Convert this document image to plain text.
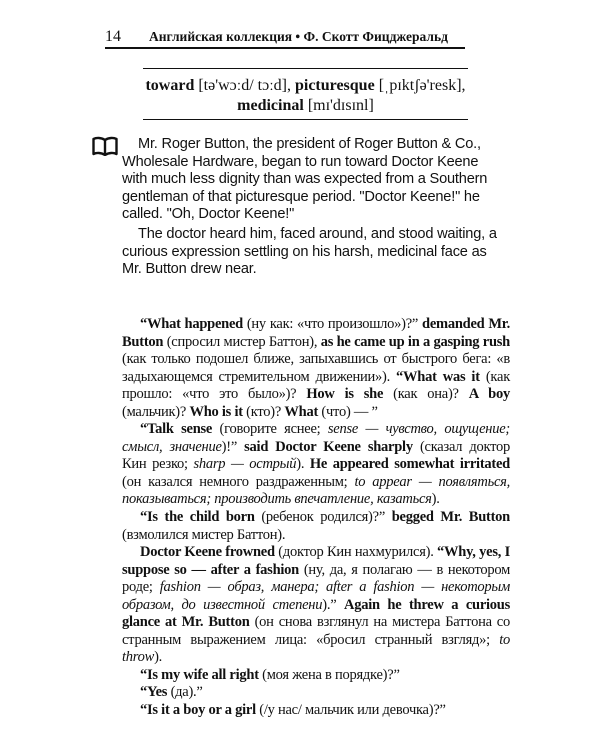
14 Английская коллекция • Ф. Скотт Фицджеральд
toward [tə'wɔːd/ tɔːd], picturesque [ˌpɪktʃə'resk],
medicinal [mɪ'dɪsɪnl]

Mr. Roger Button, the president of Roger Button & Co., Wholesale Hardware, began to run toward Doctor Keene with much less dignity than was expected from a Southern gentleman of that picturesque period. "Doctor Keene!" he called. "Oh, Doctor Keene!"

The doctor heard him, faced around, and stood waiting, a curious expression settling on his harsh, medicinal face as Mr. Button drew near.

“What happened (ну как: «что произошло»)?” demanded Mr. Button (спросил мистер Баттон), as he came up in a gasping rush (как только подошел ближе, запыхавшись от быстрого бега: «в задыхающемся стремительном движении»). “What was it (как прошло: «что это было»)? How is she (как она)? A boy (мальчик)? Who is it (кто)? What (что) — ”

“Talk sense (говорите яснее; sense — чувство, ощущение; смысл, значение)!” said Doctor Keene sharply (сказал доктор Кин резко; sharp — острый). He appeared somewhat irritated (он казался немного раздраженным; to appear — появляться, показываться; производить впечатление, казаться).

“Is the child born (ребенок родился)?” begged Mr. Button (взмолился мистер Баттон).

Doctor Keene frowned (доктор Кин нахмурился). “Why, yes, I suppose so — after a fashion (ну, да, я полагаю — в некотором роде; fashion — образ, манера; after a fashion — некоторым образом, до известной степени).” Again he threw a curious glance at Mr. Button (он снова взглянул на мистера Баттона со странным выражением лица: «бросил странный взгляд»; to throw).

“Is my wife all right (моя жена в порядке)?”

“Yes (да).”

“Is it a boy or a girl (/у нас/ мальчик или девочка)?”
